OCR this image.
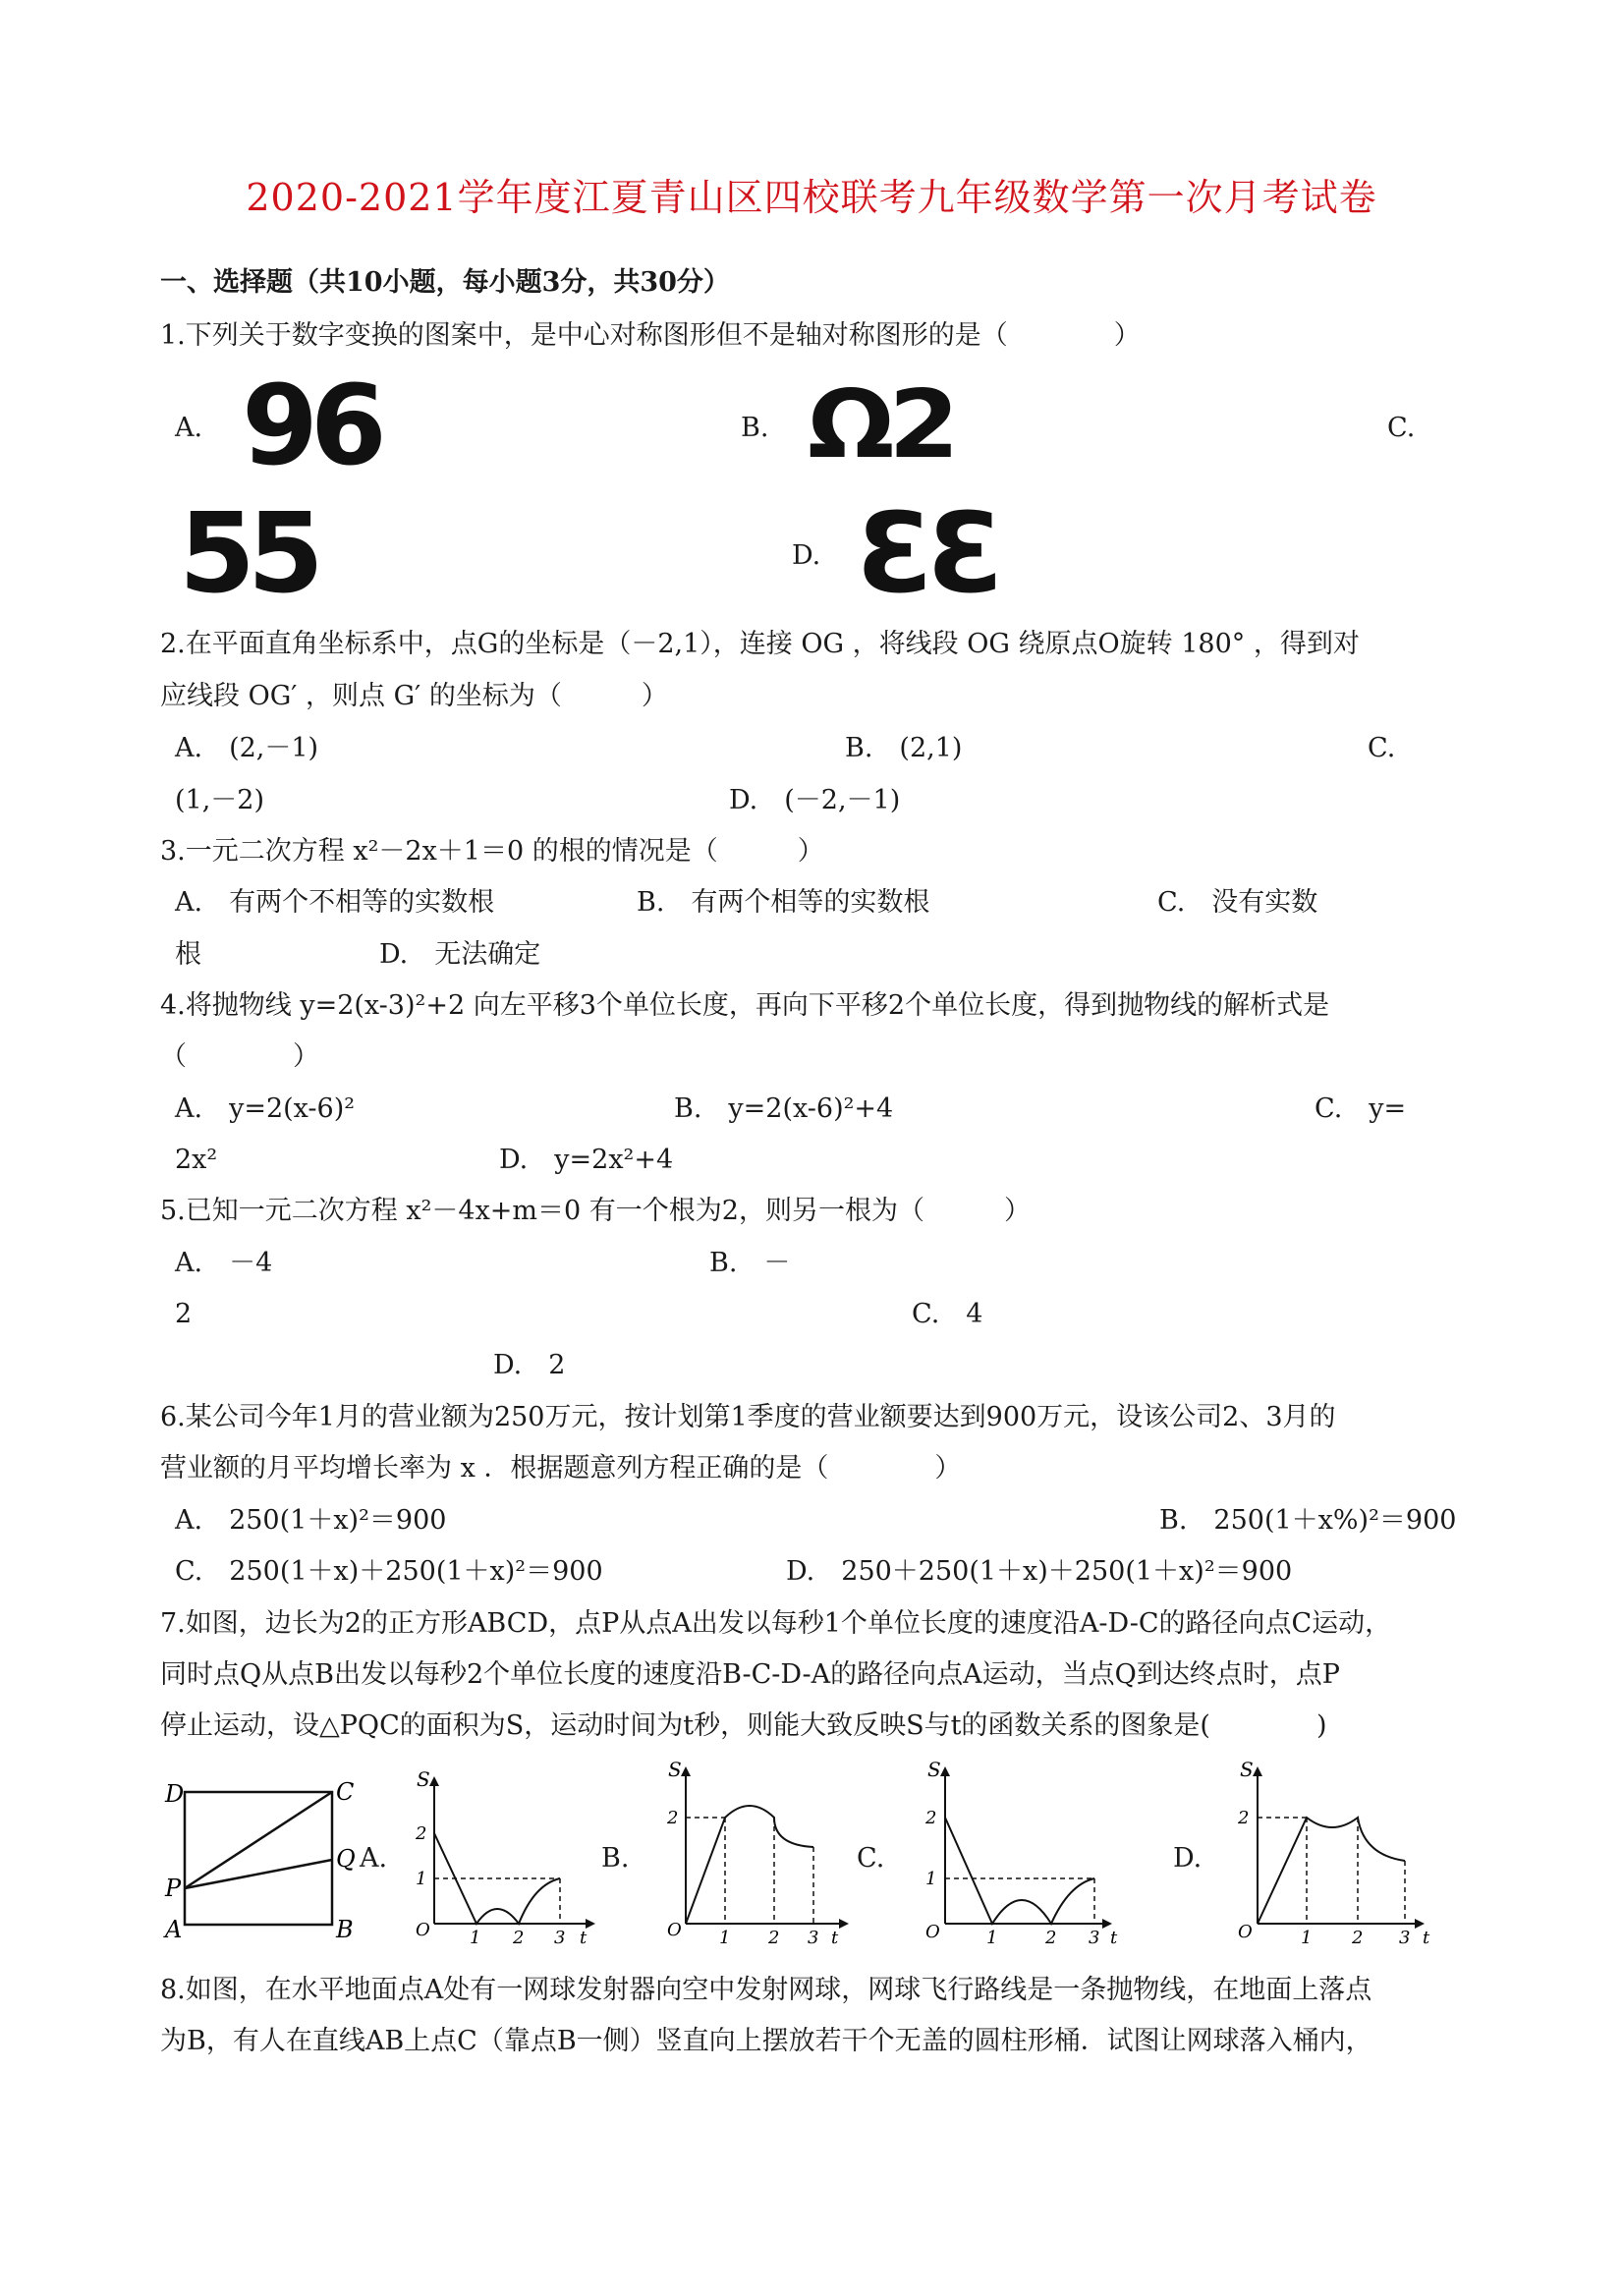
2020-2021学年度江夏青山区四校联考九年级数学第一次月考试卷
一、选择题（共10小题，每小题3分，共30分）
1.下列关于数字变换的图案中，是中心对称图形但不是轴对称图形的是（　　　　）
A. 96	B. Ω2	C.
55	D. ƐƐ
2.在平面直角坐标系中，点G的坐标是（－2,1），连接 OG ，将线段 OG 绕原点O旋转 180° ，得到对
应线段 OG′ ，则点 G′ 的坐标为（　　　）
A.　(2,－1)	B.　(2,1)	C.
(1,－2)	D.　(－2,－1)
3.一元二次方程 x²－2x＋1＝0 的根的情况是（　　　）
A.　有两个不相等的实数根	B.　有两个相等的实数根	C.　没有实数
根	D.　无法确定
4.将抛物线 y=2(x-3)²+2 向左平移3个单位长度，再向下平移2个单位长度，得到抛物线的解析式是
（　　　　）
A.　y=2(x-6)²	B.　y=2(x-6)²+4	C.　y=
2x²	D.　y=2x²+4
5.已知一元二次方程 x²－4x+m＝0 有一个根为2，则另一根为（　　　）
A.　－4	B.　－
2	C.　4
D.　2
6.某公司今年1月的营业额为250万元，按计划第1季度的营业额要达到900万元，设该公司2、3月的
营业额的月平均增长率为 x ．根据题意列方程正确的是（　　　　）
A.　250(1＋x)²＝900	B.　250(1＋x%)²＝900
C.　250(1＋x)＋250(1＋x)²＝900	D.　250＋250(1＋x)＋250(1＋x)²＝900
7.如图，边长为2的正方形ABCD，点P从点A出发以每秒1个单位长度的速度沿A-D-C的路径向点C运动，
同时点Q从点B出发以每秒2个单位长度的速度沿B-C-D-A的路径向点A运动，当点Q到达终点时，点P
停止运动，设△PQC的面积为S，运动时间为t秒，则能大致反映S与t的函数关系的图象是(　　　　)
D	C
Q
P
A	B
S
2
1
O 1 2 3 t
A.
S
2
O 1 2 3 t
B.
S
2
1
O	1	2 3 t
C.
S
2
O	1 2 3 t
D.
8.如图，在水平地面点A处有一网球发射器向空中发射网球，网球飞行路线是一条抛物线，在地面上落点
为B，有人在直线AB上点C（靠点B一侧）竖直向上摆放若干个无盖的圆柱形桶．试图让网球落入桶内，
